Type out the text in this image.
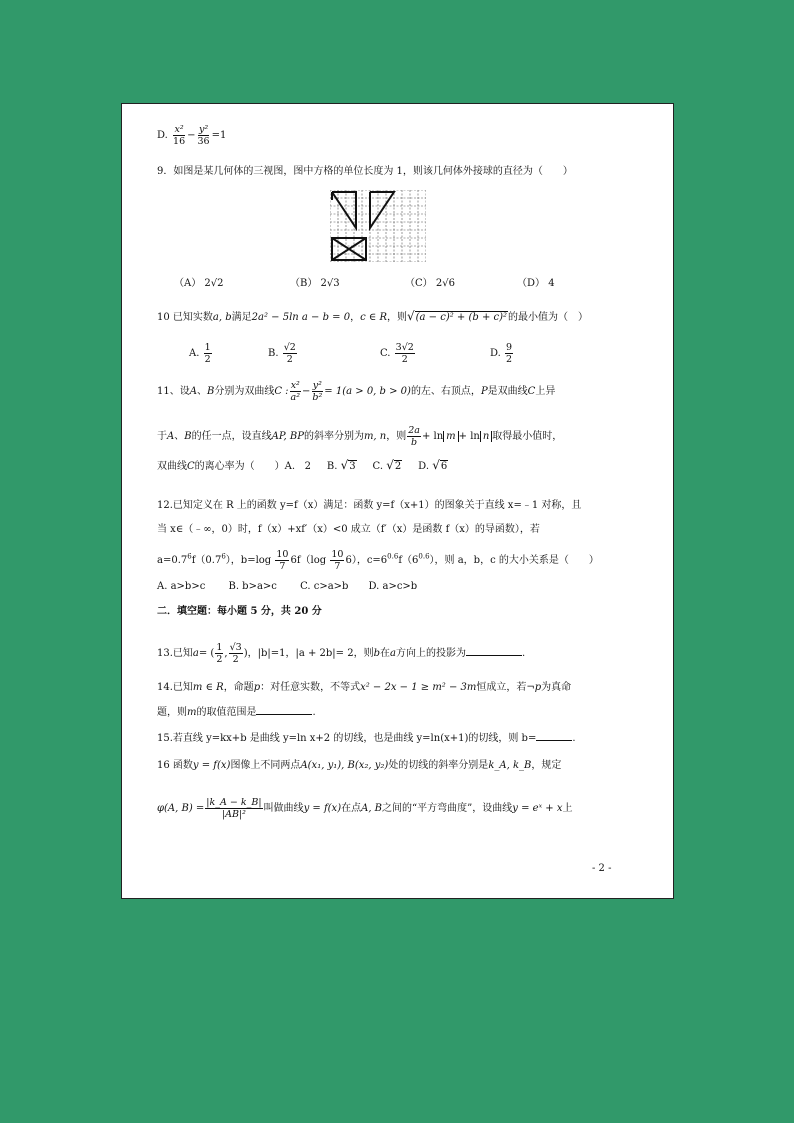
D. $\frac{\text{x²}}{16} - \frac{\text{y²}}{36} =1$
9．如图是某几何体的三视图，图中方格的单位长度为 1，则该几何体外接球的直径为（　　）
（A） 2√2	（B） 2√3	（C） 2√6	（D） 4
10 已知实数a, b满足2a² − 5ln a − b = 0，c ∈ R，则√(a − c)² + (b + c)²的最小值为（　）
A. $\frac{1}{2}$	B. $\frac{√2}{2}$	C. $\frac{3√2}{2}$	D. $\frac{9}{2}$
11、设A、B分别为双曲线C : $\frac{\text{x²}}{\text{a²}} - \frac{\text{y²}}{\text{b²}} = 1(a > 0$, b > 0)的左、右顶点，P是双曲线C上异
于A、B的任一点，设直线AP, BP的斜率分别为m, n，则 $\frac{2a}{b} + \ln m + \ln n$ 取得最小值时，
双曲线C的离心率为（　　）A. 2 B. √3 C. √2 D. √6
12.已知定义在 R 上的函数 y=f（x）满足：函数 y=f（x+1）的图象关于直线 x=﹣1 对称，且
当 x∈（﹣∞，0）时，f（x）+xf′（x）<0 成立（f′（x）是函数 f（x）的导函数），若
$a=0.7^6f(0.7^6)$，$b=\log \frac{10}{7} 6f(\log \frac{10}{7} 6)$，$c=6^{0.6}f(6^{0.6})$，则 a，b，c 的大小关系是（　　）
A. a>b>c　　 B. b>a>c　　 C. c>a>b　　D. a>c>b
二．填空题：每小题 5 分，共 20 分
13.已知a= ( $\frac{1}{2}$ , $\frac{√3}{2}$ )，|b|=1，|a + 2b|= 2，则b在a方向上的投影为	.
14.已知m ∈ R，命题p：对任意实数，不等式x² − 2x − 1 ≥ m² − 3m恒成立，若¬p为真命
题，则m的取值范围是	.
15.若直线 y=kx+b 是曲线 y=ln x+2 的切线，也是曲线 y=ln(x+1)的切线，则 b=	.
16 函数y = f(x)图像上不同两点A(x₁, y₁), B(x₂, y₂)处的切线的斜率分别是k_A, k_B，规定
φ(A, $B) = \frac{|k\_A - k\_B|}{\text{|AB|²}}$ 叫做曲线y = f(x)在点A, B之间的“平方弯曲度”，设曲线y = eˣ + x上
- 2 -
